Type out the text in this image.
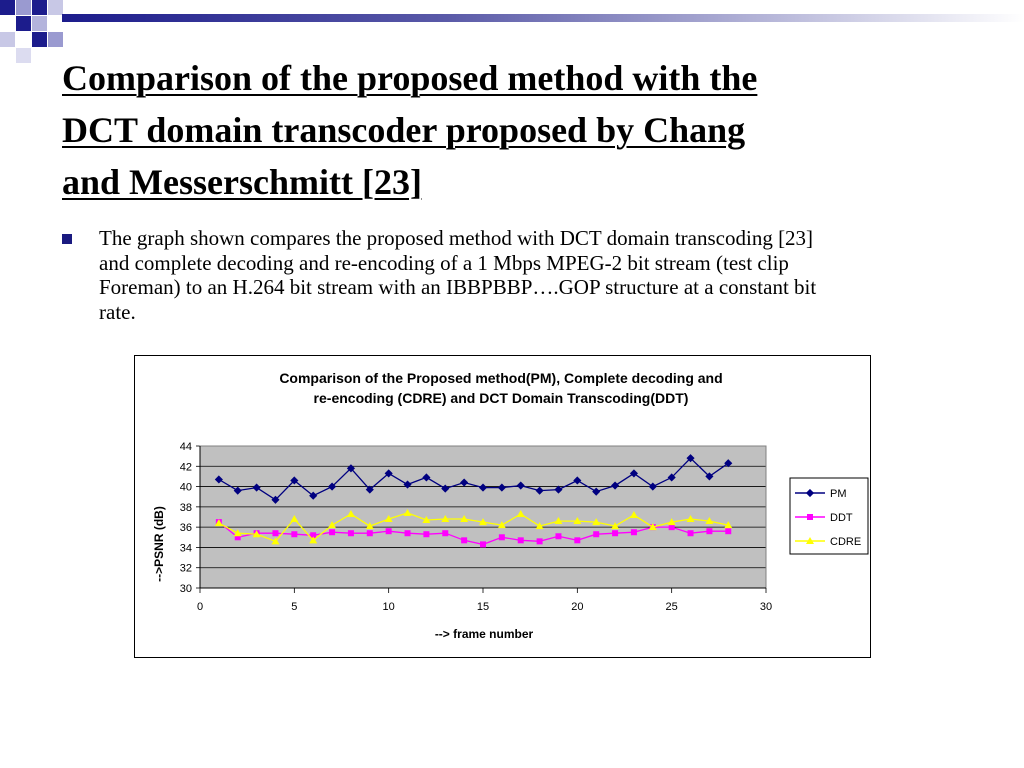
Comparison of the proposed method with the
DCT domain transcoder proposed by Chang
and Messerschmitt [23]
The graph shown compares the proposed method with DCT domain transcoding [23]
and complete decoding and re-encoding of a 1 Mbps MPEG-2 bit stream (test clip
Foreman) to an H.264 bit stream with an IBBPBBP….GOP structure at a constant bit
rate.
Comparison of the Proposed method(PM), Complete decoding and
re-encoding (CDRE) and DCT Domain Transcoding(DDT)
30
32
34
36
38
40
42
44
0	5	10	15	20	25	30
--> frame number
-->PSNR (dB)
PM
DDT
CDRE
